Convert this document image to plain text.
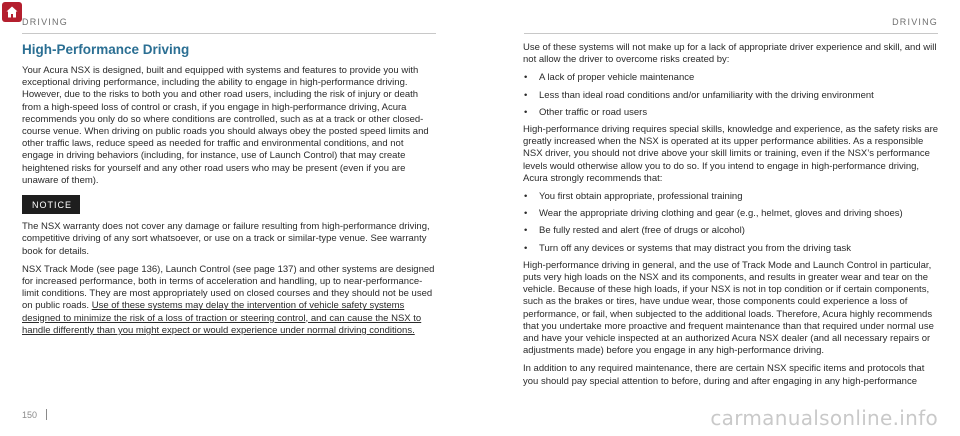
DRIVING	DRIVING
High-Performance Driving

Your Acura NSX is designed, built and equipped with systems and features to provide you with exceptional driving performance, including the ability to engage in high-performance driving. However, due to the risks to both you and other road users, including the risk of injury or death from a high-speed loss of control or crash, if you engage in high-performance driving, Acura recommends you only do so where conditions are controlled, such as at a track or other closed-course venue. When driving on public roads you should always obey the posted speed limits and other traffic laws, reduce speed as needed for traffic and environmental conditions, and not engage in driving behaviors (including, for instance, use of Launch Control) that may create heightened risks for yourself and any other road users who may be present (even if you are unaware of them).

NOTICE

The NSX warranty does not cover any damage or failure resulting from high-performance driving, competitive driving of any sort whatsoever, or use on a track or similar-type venue. See warranty book for details.

NSX Track Mode (see page 136), Launch Control (see page 137) and other systems are designed for increased performance, both in terms of acceleration and handling, up to near-performance-limit conditions. They are most appropriately used on closed courses and they should not be used on public roads. Use of these systems may delay the intervention of vehicle safety systems designed to minimize the risk of a loss of traction or steering control, and can cause the NSX to handle differently than you might expect or would experience under normal driving conditions.

Use of these systems will not make up for a lack of appropriate driver experience and skill, and will not allow the driver to overcome risks created by:

• A lack of proper vehicle maintenance
• Less than ideal road conditions and/or unfamiliarity with the driving environment
• Other traffic or road users

High-performance driving requires special skills, knowledge and experience, as the safety risks are greatly increased when the NSX is operated at its upper performance abilities. As a responsible NSX driver, you should not drive above your skill limits or training, even if the NSX’s performance levels would otherwise allow you to do so. If you intend to engage in high-performance driving, Acura strongly recommends that:

• You first obtain appropriate, professional training
• Wear the appropriate driving clothing and gear (e.g., helmet, gloves and driving shoes)
• Be fully rested and alert (free of drugs or alcohol)
• Turn off any devices or systems that may distract you from the driving task

High-performance driving in general, and the use of Track Mode and Launch Control in particular, puts very high loads on the NSX and its components, and results in greater wear and tear on the vehicle. Because of these high loads, if your NSX is not in top condition or if certain components, such as the brakes or tires, have undue wear, those components could experience a loss of performance, or fail, when subjected to the additional loads. Therefore, Acura highly recommends that you undertake more proactive and frequent maintenance than that required under normal use and have your vehicle inspected at an authorized Acura NSX dealer (and all necessary repairs or adjustments made) before you engage in any high-performance driving.

In addition to any required maintenance, there are certain NSX specific items and protocols that you should pay special attention to before, during and after engaging in any high-performance

150	carmanualsonline.info
